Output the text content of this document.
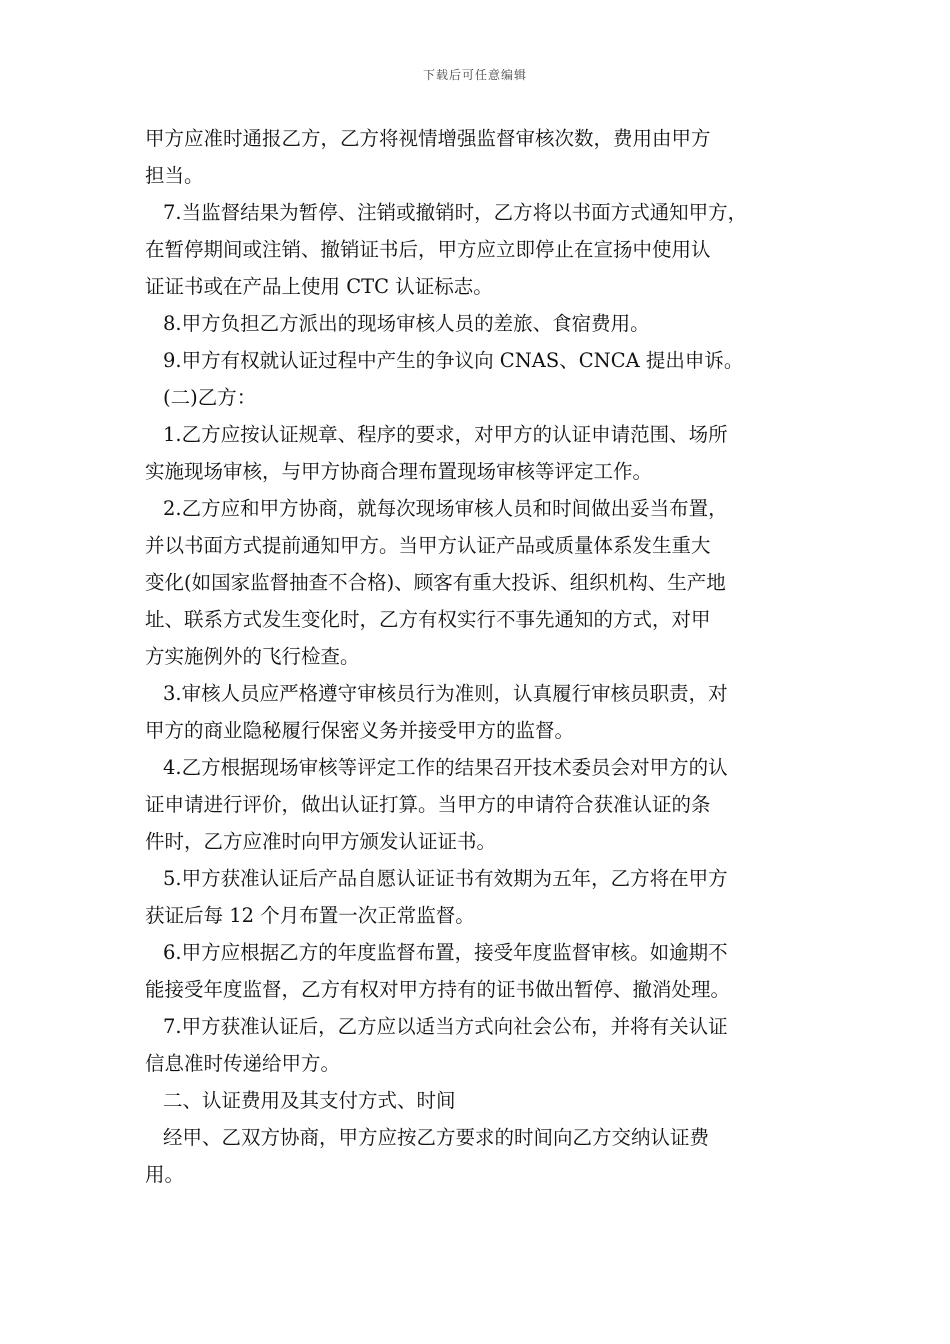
下载后可任意编辑

甲方应准时通报乙方，乙方将视情增强监督审核次数，费用由甲方
担当。

7.当监督结果为暂停、注销或撤销时，乙方将以书面方式通知甲方，
在暂停期间或注销、撤销证书后，甲方应立即停止在宣扬中使用认
证证书或在产品上使用 CTC 认证标志。

8.甲方负担乙方派出的现场审核人员的差旅、食宿费用。

9.甲方有权就认证过程中产生的争议向 CNAS、CNCA 提出申诉。

(二)乙方：

1.乙方应按认证规章、程序的要求，对甲方的认证申请范围、场所
实施现场审核，与甲方协商合理布置现场审核等评定工作。

2.乙方应和甲方协商，就每次现场审核人员和时间做出妥当布置，
并以书面方式提前通知甲方。当甲方认证产品或质量体系发生重大
变化(如国家监督抽查不合格)、顾客有重大投诉、组织机构、生产地
址、联系方式发生变化时，乙方有权实行不事先通知的方式，对甲
方实施例外的飞行检查。

3.审核人员应严格遵守审核员行为准则，认真履行审核员职责，对
甲方的商业隐秘履行保密义务并接受甲方的监督。

4.乙方根据现场审核等评定工作的结果召开技术委员会对甲方的认
证申请进行评价，做出认证打算。当甲方的申请符合获准认证的条
件时，乙方应准时向甲方颁发认证证书。

5.甲方获准认证后产品自愿认证证书有效期为五年，乙方将在甲方
获证后每 12 个月布置一次正常监督。

6.甲方应根据乙方的年度监督布置，接受年度监督审核。如逾期不
能接受年度监督，乙方有权对甲方持有的证书做出暂停、撤消处理。

7.甲方获准认证后，乙方应以适当方式向社会公布，并将有关认证
信息准时传递给甲方。

二、认证费用及其支付方式、时间

经甲、乙双方协商，甲方应按乙方要求的时间向乙方交纳认证费
用。
